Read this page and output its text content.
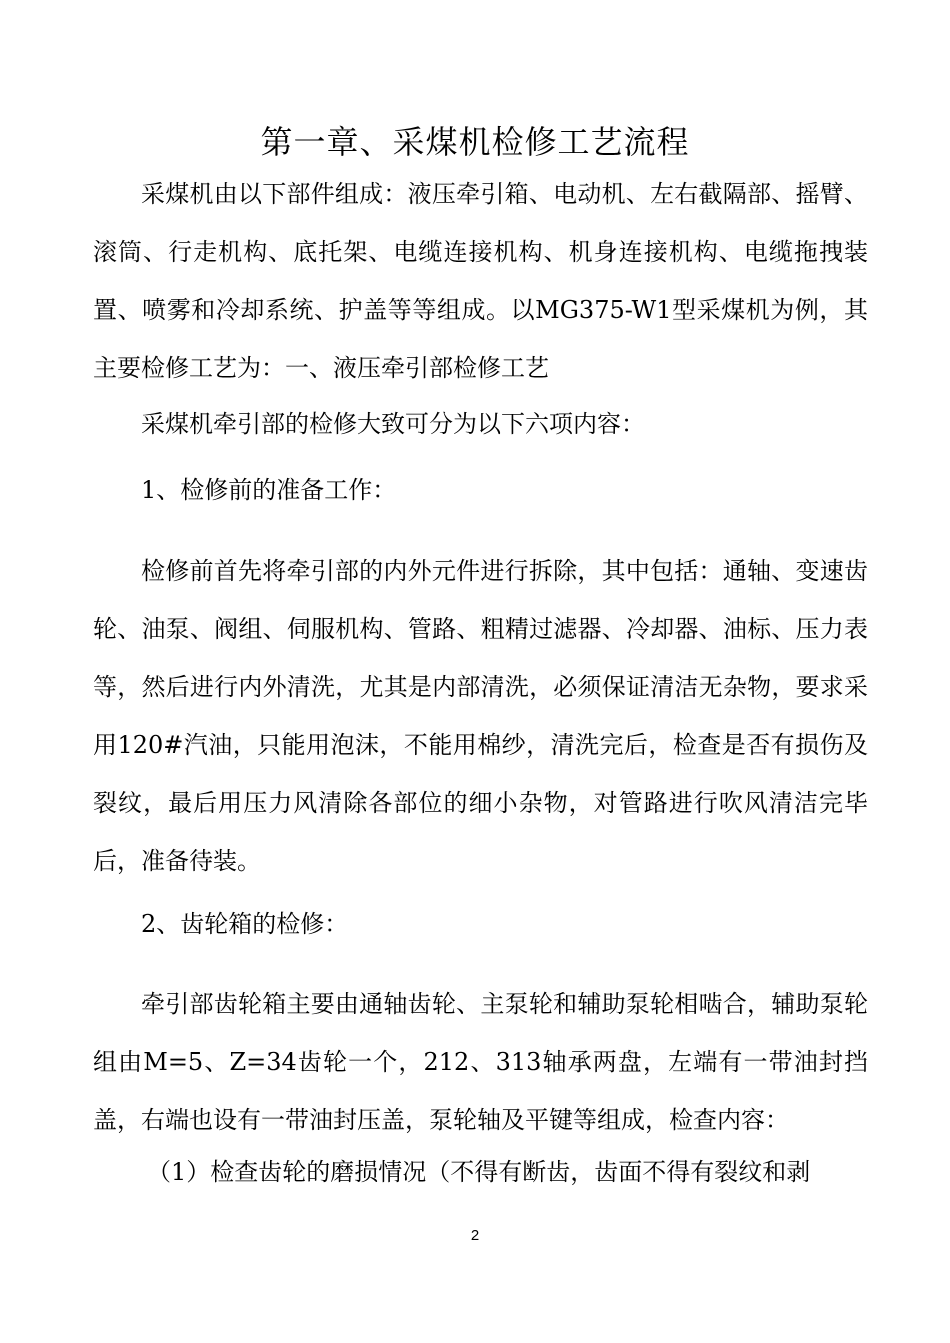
第一章、采煤机检修工艺流程

采煤机由以下部件组成：液压牵引箱、电动机、左右截隔部、摇臂、滚筒、行走机构、底托架、电缆连接机构、机身连接机构、电缆拖拽装置、喷雾和冷却系统、护盖等等组成。以MG375-W1型采煤机为例，其主要检修工艺为：一、液压牵引部检修工艺

采煤机牵引部的检修大致可分为以下六项内容：

1、检修前的准备工作：

检修前首先将牵引部的内外元件进行拆除，其中包括：通轴、变速齿轮、油泵、阀组、伺服机构、管路、粗精过滤器、冷却器、油标、压力表等，然后进行内外清洗，尤其是内部清洗，必须保证清洁无杂物，要求采用120#汽油，只能用泡沫，不能用棉纱，清洗完后，检查是否有损伤及裂纹，最后用压力风清除各部位的细小杂物，对管路进行吹风清洁完毕后，准备待装。

2、齿轮箱的检修：

牵引部齿轮箱主要由通轴齿轮、主泵轮和辅助泵轮相啮合，辅助泵轮组由M=5、Z=34齿轮一个，212、313轴承两盘，左端有一带油封挡盖，右端也设有一带油封压盖，泵轮轴及平键等组成，检查内容：

（1）检查齿轮的磨损情况（不得有断齿，齿面不得有裂纹和剥

2
